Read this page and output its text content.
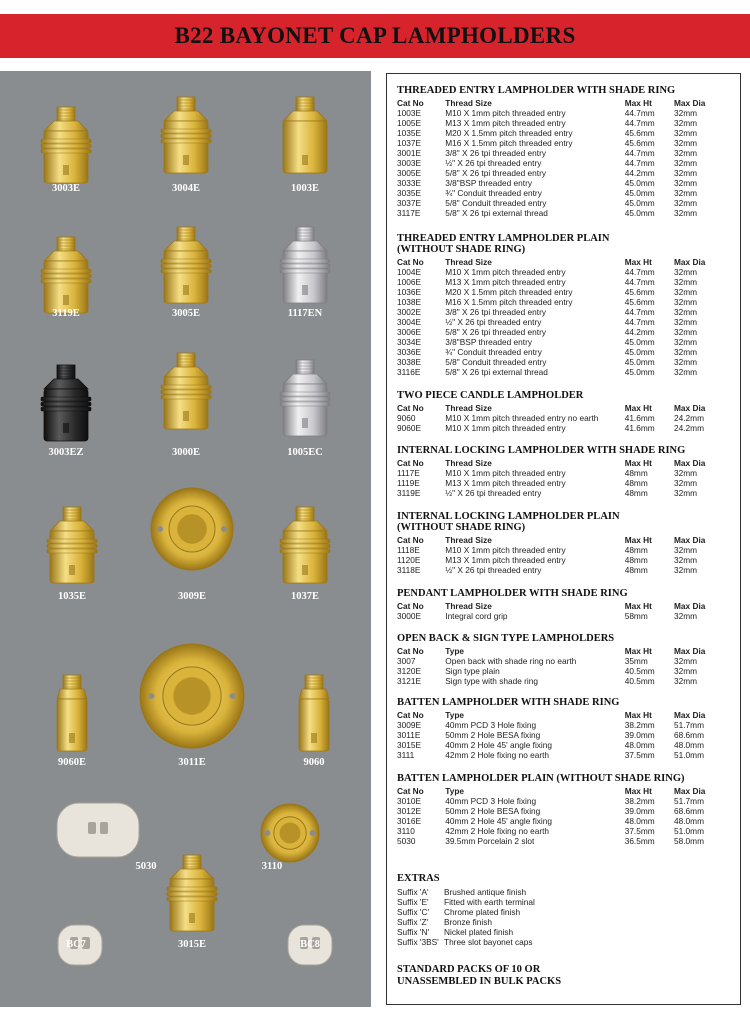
B22 BAYONET CAP LAMPHOLDERS
3003E	3004E	1003E
3119E	3005E	1117EN
3003EZ	3000E	1005EC
1035E	3009E	1037E
9060E	3011E	9060
5030	3110
3015E
BC7	BC8
THREADED ENTRY LAMPHOLDER WITH SHADE RING
Cat No	Thread Size	Max Ht	Max Dia
1003E	M10 X 1mm pitch threaded entry	44.7mm	32mm
1005E	M13 X 1mm pitch threaded entry	44.7mm	32mm
1035E	M20 X 1.5mm pitch threaded entry	45.6mm	32mm
1037E	M16 X 1.5mm pitch threaded entry	45.6mm	32mm
3001E	3/8" X 26 tpi threaded entry	44.7mm	32mm
3003E	½" X 26 tpi threaded entry	44.7mm	32mm
3005E	5/8" X 26 tpi threaded entry	44.2mm	32mm
3033E	3/8"BSP threaded entry	45.0mm	32mm
3035E	¾" Conduit threaded entry	45.0mm	32mm
3037E	5/8" Conduit threaded entry	45.0mm	32mm
3117E	5/8" X 26 tpi external thread	45.0mm	32mm
THREADED ENTRY LAMPHOLDER PLAIN
(WITHOUT SHADE RING)
Cat No	Thread Size	Max Ht	Max Dia
1004E	M10 X 1mm pitch threaded entry	44.7mm	32mm
1006E	M13 X 1mm pitch threaded entry	44.7mm	32mm
1036E	M20 X 1.5mm pitch threaded entry	45.6mm	32mm
1038E	M16 X 1.5mm pitch threaded entry	45.6mm	32mm
3002E	3/8" X 26 tpi threaded entry	44.7mm	32mm
3004E	½" X 26 tpi threaded entry	44.7mm	32mm
3006E	5/8" X 26 tpi threaded entry	44.2mm	32mm
3034E	3/8"BSP threaded entry	45.0mm	32mm
3036E	¾" Conduit threaded entry	45.0mm	32mm
3038E	5/8" Conduit threaded entry	45.0mm	32mm
3116E	5/8" X 26 tpi external thread	45.0mm	32mm
TWO PIECE CANDLE LAMPHOLDER
Cat No	Thread Size	Max Ht	Max Dia
9060	M10 X 1mm pitch threaded entry no earth	41.6mm	24.2mm
9060E	M10 X 1mm pitch threaded entry	41.6mm	24.2mm
INTERNAL LOCKING LAMPHOLDER WITH SHADE RING
Cat No	Thread Size	Max Ht	Max Dia
1117E	M10 X 1mm pitch threaded entry	48mm	32mm
1119E	M13 X 1mm pitch threaded entry	48mm	32mm
3119E	½" X 26 tpi threaded entry	48mm	32mm
INTERNAL LOCKING LAMPHOLDER PLAIN
(WITHOUT SHADE RING)
Cat No	Thread Size	Max Ht	Max Dia
1118E	M10 X 1mm pitch threaded entry	48mm	32mm
1120E	M13 X 1mm pitch threaded entry	48mm	32mm
3118E	½" X 26 tpi threaded entry	48mm	32mm
PENDANT LAMPHOLDER WITH SHADE RING
Cat No	Thread Size	Max Ht	Max Dia
3000E	Integral cord grip	58mm	32mm
OPEN BACK & SIGN TYPE LAMPHOLDERS
Cat No	Type	Max Ht	Max Dia
3007	Open back with shade ring no earth	35mm	32mm
3120E	Sign type plain	40.5mm	32mm
3121E	Sign type with shade ring	40.5mm	32mm
BATTEN LAMPHOLDER WITH SHADE RING
Cat No	Type	Max Ht	Max Dia
3009E	40mm PCD 3 Hole fixing	38.2mm	51.7mm
3011E	50mm 2 Hole BESA fixing	39.0mm	68.6mm
3015E	40mm 2 Hole 45' angle fixing	48.0mm	48.0mm
3111	42mm 2 Hole fixing no earth	37.5mm	51.0mm
BATTEN LAMPHOLDER PLAIN (WITHOUT SHADE RING)
Cat No	Type	Max Ht	Max Dia
3010E	40mm PCD 3 Hole fixing	38.2mm	51.7mm
3012E	50mm 2 Hole BESA fixing	39.0mm	68.6mm
3016E	40mm 2 Hole 45' angle fixing	48.0mm	48.0mm
3110	42mm 2 Hole fixing no earth	37.5mm	51.0mm
5030	39.5mm Porcelain 2 slot	36.5mm	58.0mm
EXTRAS
Suffix 'A' Brushed antique finish
Suffix 'E' Fitted with earth terminal
Suffix 'C' Chrome plated finish
Suffix 'Z' Bronze finish
Suffix 'N' Nickel plated finish
Suffix '3BS' Three slot bayonet caps
STANDARD PACKS OF 10 OR
UNASSEMBLED IN BULK PACKS
